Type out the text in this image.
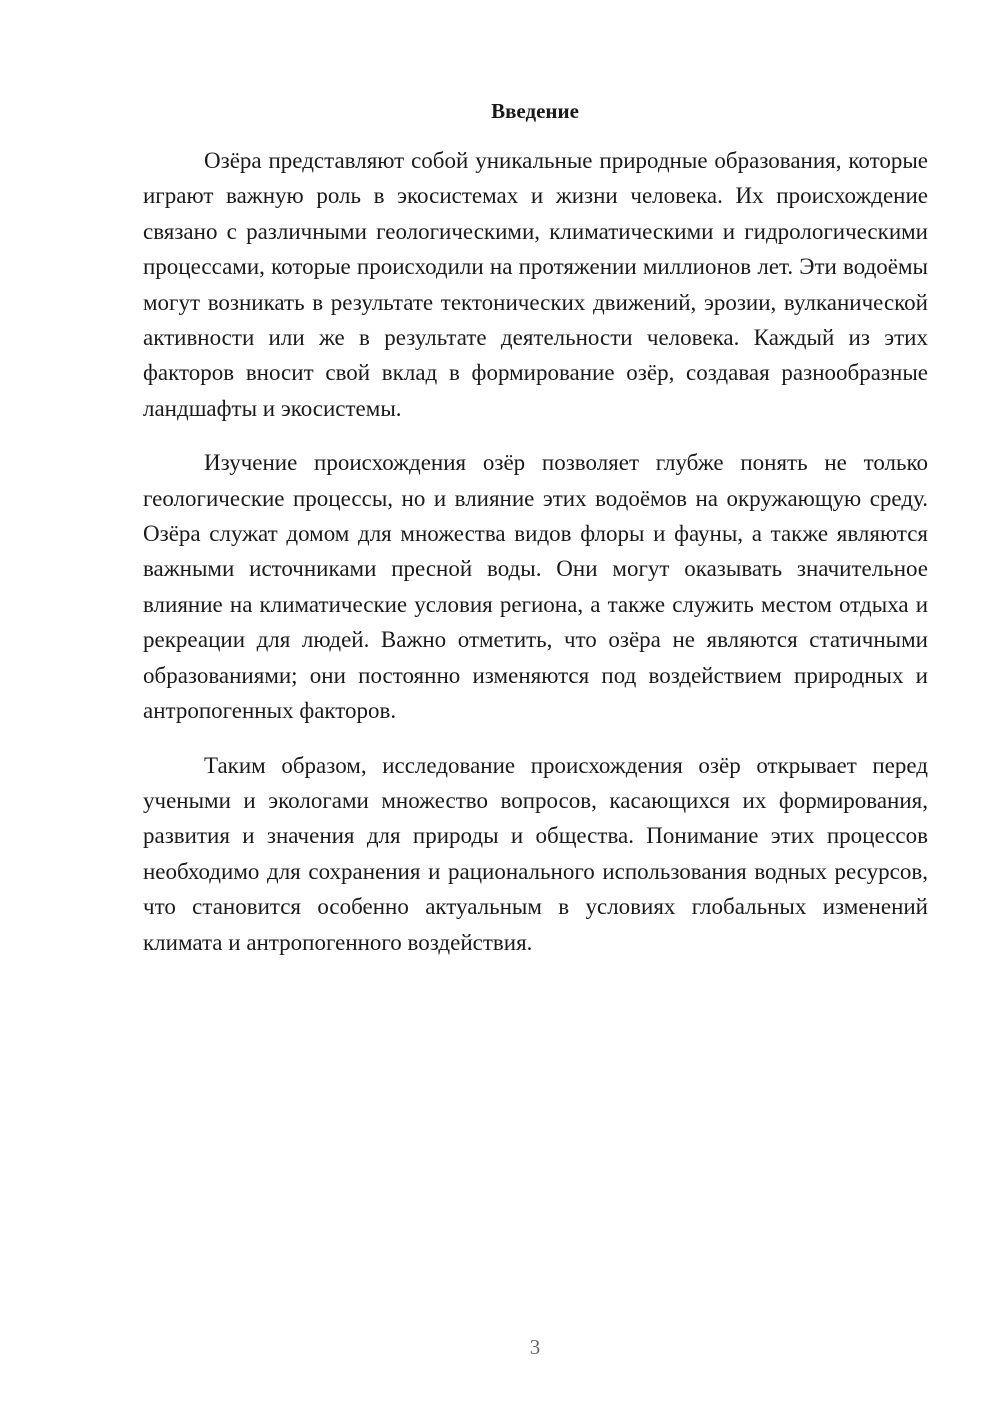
Введение

Озёра представляют собой уникальные природные образования, которые играют важную роль в экосистемах и жизни человека. Их происхождение связано с различными геологическими, климатическими и гидрологическими процессами, которые происходили на протяжении миллионов лет. Эти водоёмы могут возникать в результате тектонических движений, эрозии, вулканической активности или же в результате деятельности человека. Каждый из этих факторов вносит свой вклад в формирование озёр, создавая разнообразные ландшафты и экосистемы.

Изучение происхождения озёр позволяет глубже понять не только геологические процессы, но и влияние этих водоёмов на окружающую среду. Озёра служат домом для множества видов флоры и фауны, а также являются важными источниками пресной воды. Они могут оказывать значительное влияние на климатические условия региона, а также служить местом отдыха и рекреации для людей. Важно отметить, что озёра не являются статичными образованиями; они постоянно изменяются под воздействием природных и антропогенных факторов.

Таким образом, исследование происхождения озёр открывает перед учеными и экологами множество вопросов, касающихся их формирования, развития и значения для природы и общества. Понимание этих процессов необходимо для сохранения и рационального использования водных ресурсов, что становится особенно актуальным в условиях глобальных изменений климата и антропогенного воздействия.

3
